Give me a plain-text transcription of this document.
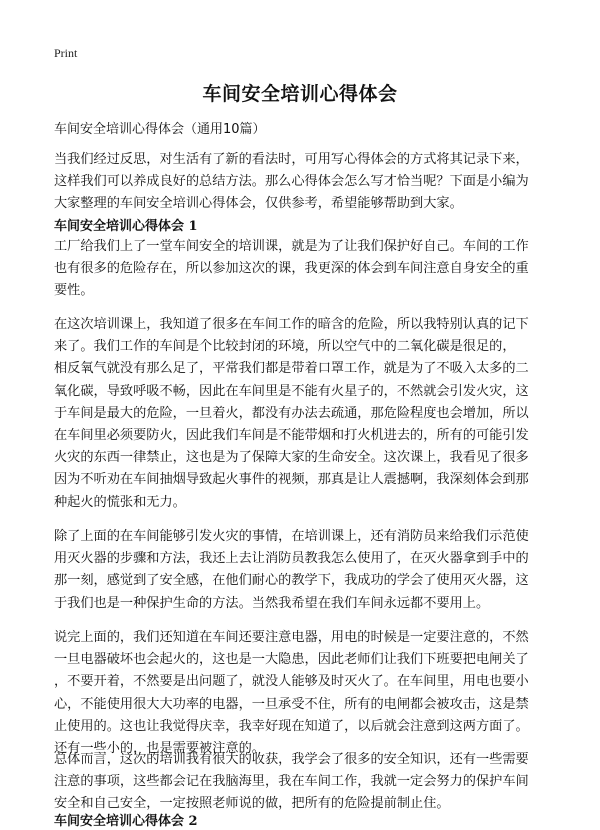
Print
车间安全培训心得体会

车间安全培训心得体会（通用10篇）

当我们经过反思，对生活有了新的看法时，可用写心得体会的方式将其记录下来，
这样我们可以养成良好的总结方法。那么心得体会怎么写才恰当呢？下面是小编为
大家整理的车间安全培训心得体会，仅供参考，希望能够帮助到大家。
车间安全培训心得体会 1
工厂给我们上了一堂车间安全的培训课，就是为了让我们保护好自己。车间的工作
也有很多的危险存在，所以参加这次的课，我更深的体会到车间注意自身安全的重
要性。
在这次培训课上，我知道了很多在车间工作的暗含的危险，所以我特别认真的记下
来了。我们工作的车间是个比较封闭的环境，所以空气中的二氧化碳是很足的，
相反氧气就没有那么足了，平常我们都是带着口罩工作，就是为了不吸入太多的二
氧化碳，导致呼吸不畅，因此在车间里是不能有火星子的，不然就会引发火灾，这
于车间是最大的危险，一旦着火，都没有办法去疏通，那危险程度也会增加，所以
在车间里必须要防火，因此我们车间是不能带烟和打火机进去的，所有的可能引发
火灾的东西一律禁止，这也是为了保障大家的生命安全。这次课上，我看见了很多
因为不听劝在车间抽烟导致起火事件的视频，那真是让人震撼啊，我深刻体会到那
种起火的慌张和无力。
除了上面的在车间能够引发火灾的事情，在培训课上，还有消防员来给我们示范使
用灭火器的步骤和方法，我还上去让消防员教我怎么使用了，在灭火器拿到手中的
那一刻，感觉到了安全感，在他们耐心的教学下，我成功的学会了使用灭火器，这
于我们也是一种保护生命的方法。当然我希望在我们车间永远都不要用上。
说完上面的，我们还知道在车间还要注意电器，用电的时候是一定要注意的，不然
一旦电器破坏也会起火的，这也是一大隐患，因此老师们让我们下班要把电闸关了
，不要开着，不然要是出问题了，就没人能够及时灭火了。在车间里，用电也要小
心，不能使用很大大功率的电器，一旦承受不住，所有的电闸都会被攻击，这是禁
止使用的。这也让我觉得庆幸，我幸好现在知道了，以后就会注意到这两方面了。
还有一些小的，也是需要被注意的。
总体而言，这次的培训我有很大的收获，我学会了很多的安全知识，还有一些需要
注意的事项，这些都会记在我脑海里，我在车间工作，我就一定会努力的保护车间
安全和自己安全，一定按照老师说的做，把所有的危险提前制止住。
车间安全培训心得体会 2
